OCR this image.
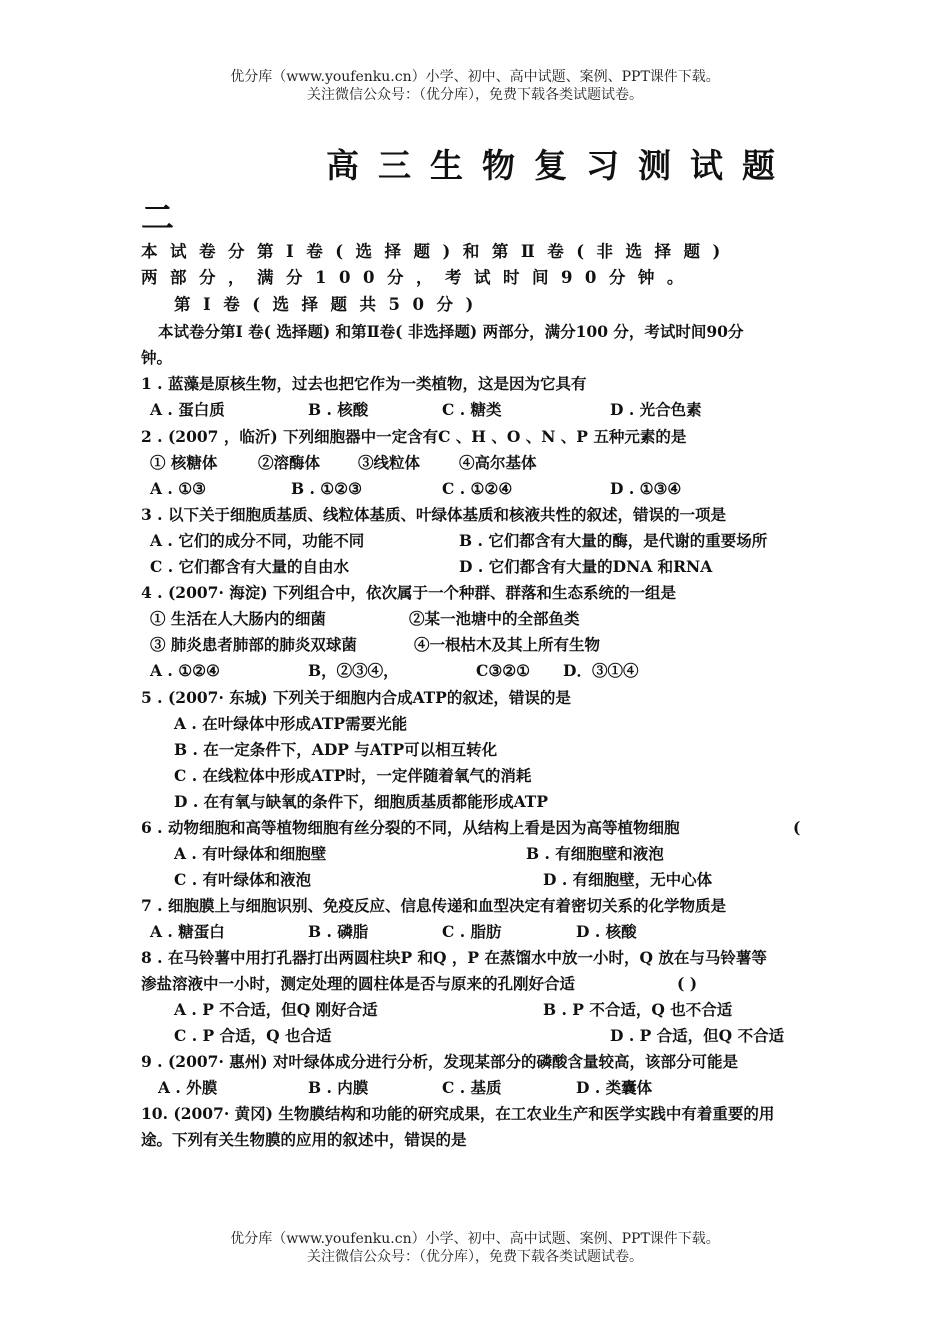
优分库（www.youfenku.cn）小学、初中、高中试题、案例、PPT课件下载。
关注微信公众号：（优分库），免费下载各类试题试卷。
高三生物复习测试题
二
本试卷分第Ⅰ卷(选择题)和第Ⅱ卷(非选择题)
两部分，满分100分，考试时间90分钟。
第Ⅰ卷(选择题共50分)
本试卷分第Ⅰ 卷( 选择题) 和第Ⅱ卷( 非选择题) 两部分，满分100 分，考试时间90分
钟。
1 . 蓝藻是原核生物，过去也把它作为一类植物，这是因为它具有
A . 蛋白质	B . 核酸	C . 糖类	D . 光合色素
2 . (2007 ，临沂) 下列细胞器中一定含有C 、H 、O 、N 、P 五种元素的是
① 核糖体	②溶酶体 ③线粒体	④高尔基体
A . ①③	B . ①②③	C . ①②④	D . ①③④
3 . 以下关于细胞质基质、线粒体基质、叶绿体基质和核液共性的叙述，错误的一项是
A . 它们的成分不同，功能不同	B . 它们都含有大量的酶，是代谢的重要场所
C . 它们都含有大量的自由水	D . 它们都含有大量的DNA 和RNA
4 . (2007· 海淀) 下列组合中，依次属于一个种群、群落和生态系统的一组是
① 生活在人大肠内的细菌	②某一池塘中的全部鱼类
③ 肺炎患者肺部的肺炎双球菌	④一根枯木及其上所有生物
A . ①②④	B，②③④，	C③②① D．③①④
5 . (2007· 东城) 下列关于细胞内合成ATP的叙述，错误的是
A . 在叶绿体中形成ATP需要光能
B . 在一定条件下，ADP 与ATP可以相互转化
C . 在线粒体中形成ATP时，一定伴随着氧气的消耗
D . 在有氧与缺氧的条件下，细胞质基质都能形成ATP
6 . 动物细胞和高等植物细胞有丝分裂的不同，从结构上看是因为高等植物细胞	(
A . 有叶绿体和细胞壁	B . 有细胞壁和液泡
C . 有叶绿体和液泡	D . 有细胞壁，无中心体
7 . 细胞膜上与细胞识别、免疫反应、信息传递和血型决定有着密切关系的化学物质是
A . 糖蛋白	B . 磷脂	C . 脂肪	D . 核酸
8 . 在马铃薯中用打孔器打出两圆柱块P 和Q ，P 在蒸馏水中放一小时，Q 放在与马铃薯等
渗盐溶液中一小时，测定处理的圆柱体是否与原来的孔刚好合适	( )
A . P 不合适，但Q 刚好合适	B . P 不合适，Q 也不合适
C . P 合适，Q 也合适	D . P 合适，但Q 不合适
9 . (2007· 惠州) 对叶绿体成分进行分析，发现某部分的磷酸含量较高，该部分可能是
A . 外膜	B . 内膜	C . 基质	D . 类囊体
10. (2007· 黄冈) 生物膜结构和功能的研究成果，在工农业生产和医学实践中有着重要的用
途。下列有关生物膜的应用的叙述中，错误的是
优分库（www.youfenku.cn）小学、初中、高中试题、案例、PPT课件下载。
关注微信公众号：（优分库），免费下载各类试题试卷。
